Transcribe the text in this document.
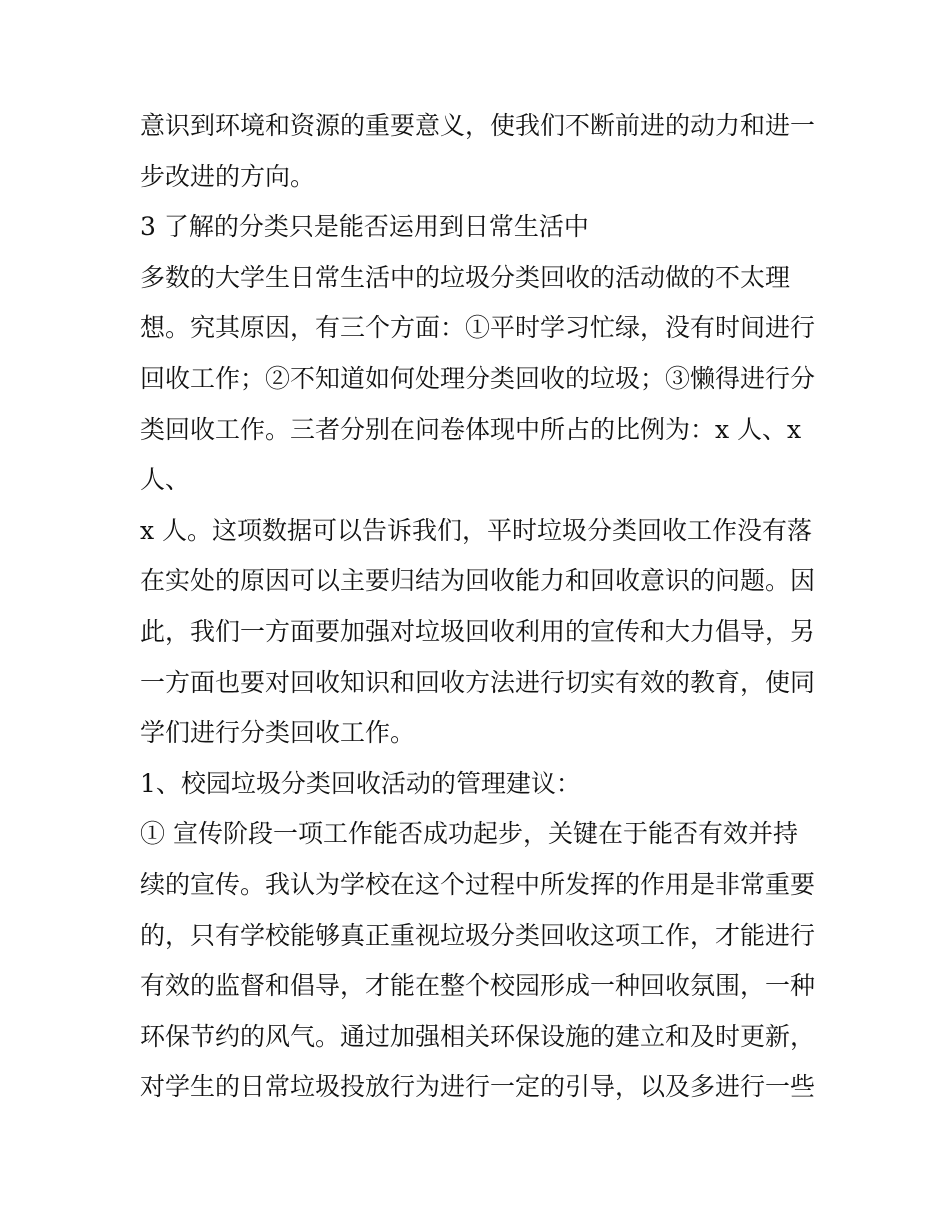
意识到环境和资源的重要意义，使我们不断前进的动力和进一
步改进的方向。
3 了解的分类只是能否运用到日常生活中
多数的大学生日常生活中的垃圾分类回收的活动做的不太理
想。究其原因，有三个方面：①平时学习忙绿，没有时间进行
回收工作；②不知道如何处理分类回收的垃圾；③懒得进行分
类回收工作。三者分别在问卷体现中所占的比例为：x 人、x
人、
x 人。这项数据可以告诉我们，平时垃圾分类回收工作没有落
在实处的原因可以主要归结为回收能力和回收意识的问题。因
此，我们一方面要加强对垃圾回收利用的宣传和大力倡导，另
一方面也要对回收知识和回收方法进行切实有效的教育，使同
学们进行分类回收工作。
1、校园垃圾分类回收活动的管理建议：
① 宣传阶段一项工作能否成功起步，关键在于能否有效并持
续的宣传。我认为学校在这个过程中所发挥的作用是非常重要
的，只有学校能够真正重视垃圾分类回收这项工作，才能进行
有效的监督和倡导，才能在整个校园形成一种回收氛围，一种
环保节约的风气。通过加强相关环保设施的建立和及时更新，
对学生的日常垃圾投放行为进行一定的引导，以及多进行一些
